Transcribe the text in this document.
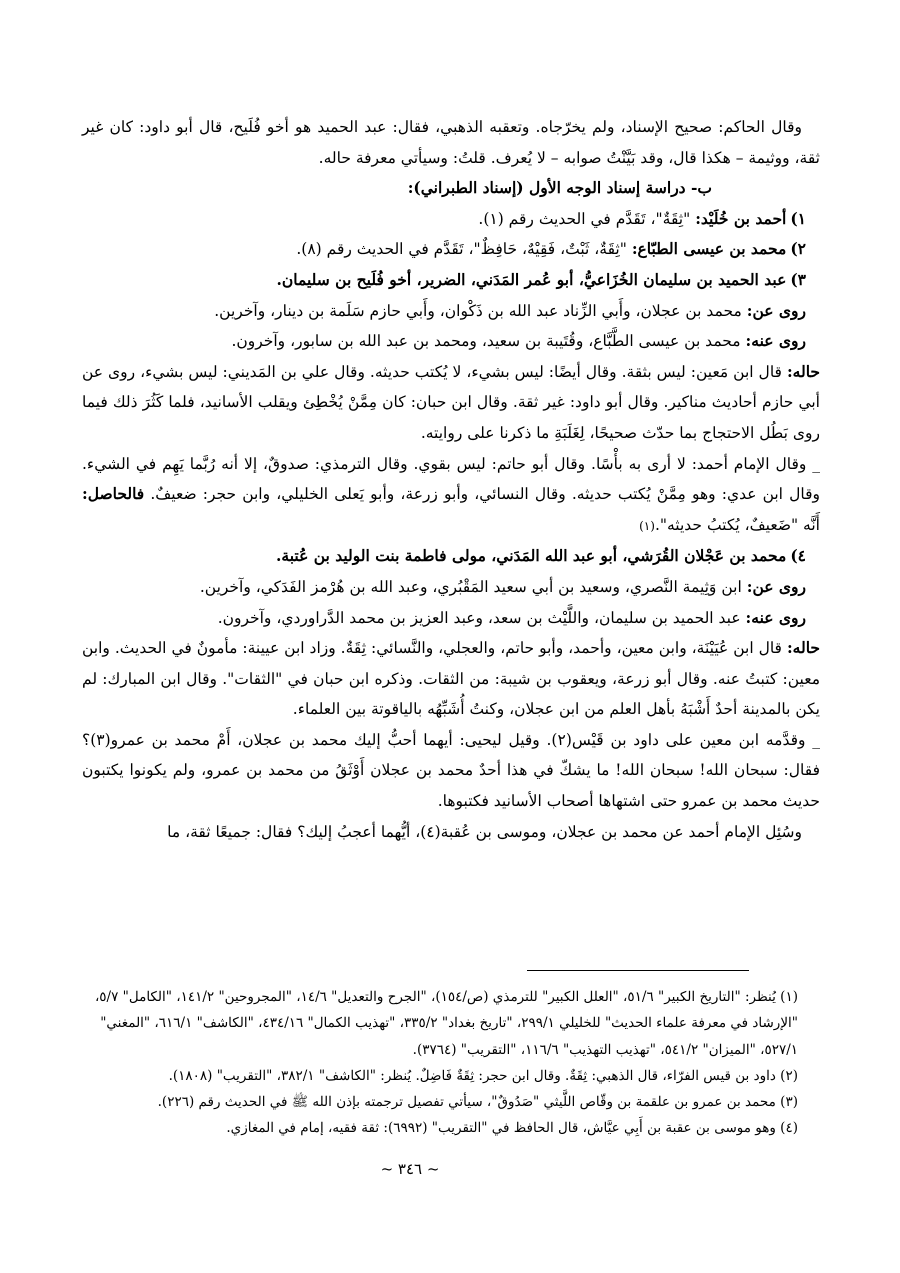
وقال الحاكم: صحيح الإسناد، ولم يخرّجاه. وتعقبه الذهبي، فقال: عبد الحميد هو أخو فُلَيح، قال أبو داود: كان غير ثقة، ووثيمة – هكذا قال، وقد بَيَّنْتُ صوابه – لا يُعرف. قلتُ: وسيأتي معرفة حاله.

ب- دراسة إسناد الوجه الأول (إسناد الطبراني):
١)أحمد بن خُلَيْد: "ثِقَةٌ"، تَقَدَّم في الحديث رقم (١).
٢)محمد بن عيسى الطبّاع: "ثِقَةٌ، ثَبْتٌ، فَقِيْهٌ، حَافِظٌ"، تَقَدَّم في الحديث رقم (٨).
٣)عبد الحميد بن سليمان الخُزَاعيُّ، أبو عُمر المَدَني، الضرير، أخو فُلَيح بن سليمان.

روى عن: محمد بن عجلان، وأَبي الزِّناد عبد الله بن ذَكْوان، وأَبي حازم سَلَمة بن دينار، وآخرين.

روى عنه: محمد بن عيسى الطَّبَّاع، وقُتَيبة بن سعيد، ومحمد بن عبد الله بن سابور، وآخرون.

حاله: قال ابن مَعين: ليس بثقة. وقال أيضًا: ليس بشيء، لا يُكتب حديثه. وقال علي بن المَديني: ليس بشيء، روى عن أبي حازم أحاديث مناكير. وقال أبو داود: غير ثقة. وقال ابن حبان: كان مِمَّنْ يُخْطِئ ويقلب الأسانيد، فلما كَثُرَ ذلك فيما روى بَطُل الاحتجاج بما حدّث صحيحًا، لِغَلَبَةِ ما ذكرنا على روايته.

_ وقال الإمام أحمد: لا أرى به بأْسًا. وقال أبو حاتم: ليس بقوي. وقال الترمذي: صدوقٌ، إلا أنه رُبَّما يَهِم في الشيء. وقال ابن عدي: وهو مِمَّنْ يُكتب حديثه. وقال النسائي، وأبو زرعة، وأبو يَعلى الخليلي، وابن حجر: ضعيفٌ. فالحاصل: أَنَّه "ضَعيفٌ، يُكتبُ حديثه".(١)

٤)محمد بن عَجْلان القُرَشي، أبو عبد الله المَدَني، مولى فاطمة بنت الوليد بن عُتبة.

روى عن: ابن وَثِيمة النَّصري، وسعيد بن أبي سعيد المَقْبُري، وعبد الله بن هُرْمز الفَدَكي، وآخرين.

روى عنه: عبد الحميد بن سليمان، واللَّيْث بن سعد، وعبد العزيز بن محمد الدَّراوردي، وآخرون.

حاله: قال ابن عُيَيْنَة، وابن معين، وأحمد، وأبو حاتم، والعجلي، والنَّسائي: ثِقَةٌ. وزاد ابن عيينة: مأمونٌ في الحديث. وابن معين: كتبتُ عنه. وقال أبو زرعة، ويعقوب بن شيبة: من الثقات. وذكره ابن حبان في "الثقات". وقال ابن المبارك: لم يكن بالمدينة أحدٌ أَشْبَهُ بأهل العلم من ابن عجلان، وكنتُ أُشَبِّهُه بالياقوتة بين العلماء.

_ وقدَّمه ابن معين على داود بن قَيْس(٢). وقيل ليحيى: أيهما أحبُّ إليك محمد بن عجلان، أَمْ محمد بن عمرو(٣)؟ فقال: سبحان الله! سبحان الله! ما يشكّ في هذا أحدٌ محمد بن عجلان أَوْثَقُ من محمد بن عمرو، ولم يكونوا يكتبون حديث محمد بن عمرو حتى اشتهاها أصحاب الأسانيد فكتبوها.

وسُئِل الإمام أحمد عن محمد بن عجلان، وموسى بن عُقبة(٤)، أيُّهما أعجبُ إليك؟ فقال: جميعًا ثقة، ما

(١) يُنظر: "التاريخ الكبير" ٥١/٦، "العلل الكبير" للترمذي (ص/١٥٤)، "الجرح والتعديل" ١٤/٦، "المجروحين" ١٤١/٢، "الكامل" ٥/٧، "الإرشاد في معرفة علماء الحديث" للخليلي ٢٩٩/١، "تاريخ بغداد" ٣٣٥/٢، "تهذيب الكمال" ٤٣٤/١٦، "الكاشف" ٦١٦/١، "المغني" ٥٢٧/١، "الميزان" ٥٤١/٢، "تهذيب التهذيب" ١١٦/٦، "التقريب" (٣٧٦٤).

(٢) داود بن قيس الفرّاء، قال الذهبي: ثِقَةٌ. وقال ابن حجر: ثِقَةٌ فَاضِلٌ. يُنظر: "الكاشف" ٣٨٢/١، "التقريب" (١٨٠٨).

(٣) محمد بن عمرو بن علقمة بن وقّاص اللَّيثي "صَدُوقٌ"، سيأتي تفصيل ترجمته بإذن الله ﷺ في الحديث رقم (٢٢٦).

(٤) وهو موسى بن عقبة بن أَبِي عيَّاش، قال الحافظ في "التقريب" (٦٩٩٢): ثقة فقيه، إمام في المغازي.

~ ٣٤٦ ~
